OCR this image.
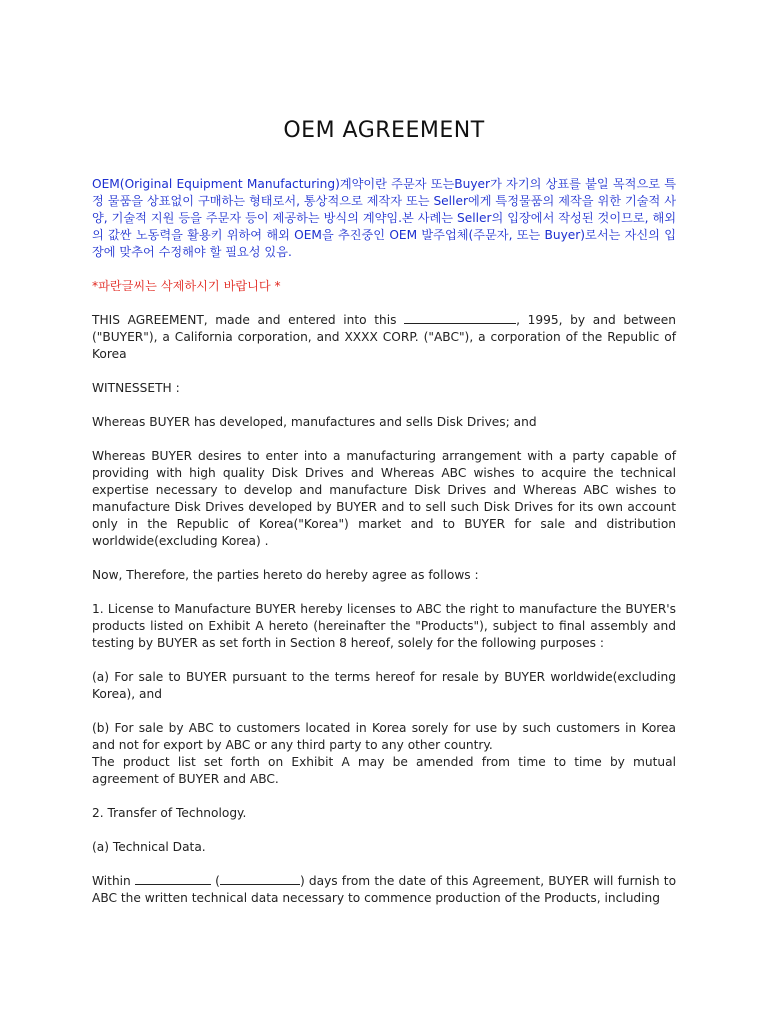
OEM AGREEMENT

OEM(Original Equipment Manufacturing)계약이란 주문자 또는Buyer가 자기의 상표를 붙일 목적으로 특정 물품을 상표없이 구매하는 형태로서, 통상적으로 제작자 또는 Seller에게 특정물품의 제작을 위한 기술적 사양, 기술적 지원 등을 주문자 등이 제공하는 방식의 계약임.본 사례는 Seller의 입장에서 작성된 것이므로, 해외의 값싼 노동력을 활용키 위하여 해외 OEM을 추진중인 OEM 발주업체(주문자, 또는 Buyer)로서는 자신의 입장에 맞추어 수정해야 할 필요성 있음.

*파란글씨는 삭제하시기 바랍니다 *

THIS AGREEMENT, made and entered into this	, 1995, by and between ("BUYER"), a California corporation, and XXXX CORP. ("ABC"), a corporation of the Republic of Korea

WITNESSETH :

Whereas BUYER has developed, manufactures and sells Disk Drives; and

Whereas BUYER desires to enter into a manufacturing arrangement with a party capable of providing with high quality Disk Drives and Whereas ABC wishes to acquire the technical expertise necessary to develop and manufacture Disk Drives and Whereas ABC wishes to manufacture Disk Drives developed by BUYER and to sell such Disk Drives for its own account only in the Republic of Korea("Korea") market and to BUYER for sale and distribution worldwide(excluding Korea) .

Now, Therefore, the parties hereto do hereby agree as follows :

1. License to Manufacture BUYER hereby licenses to ABC the right to manufacture the BUYER's products listed on Exhibit A hereto (hereinafter the "Products"), subject to final assembly and testing by BUYER as set forth in Section 8 hereof, solely for the following purposes :

(a) For sale to BUYER pursuant to the terms hereof for resale by BUYER worldwide(excluding Korea), and

(b) For sale by ABC to customers located in Korea sorely for use by such customers in Korea and not for export by ABC or any third party to any other country.

The product list set forth on Exhibit A may be amended from time to time by mutual agreement of BUYER and ABC.

2. Transfer of Technology.

(a) Technical Data.

Within	(	) days from the date of this Agreement, BUYER will furnish to ABC the written technical data necessary to commence production of the Products, including
